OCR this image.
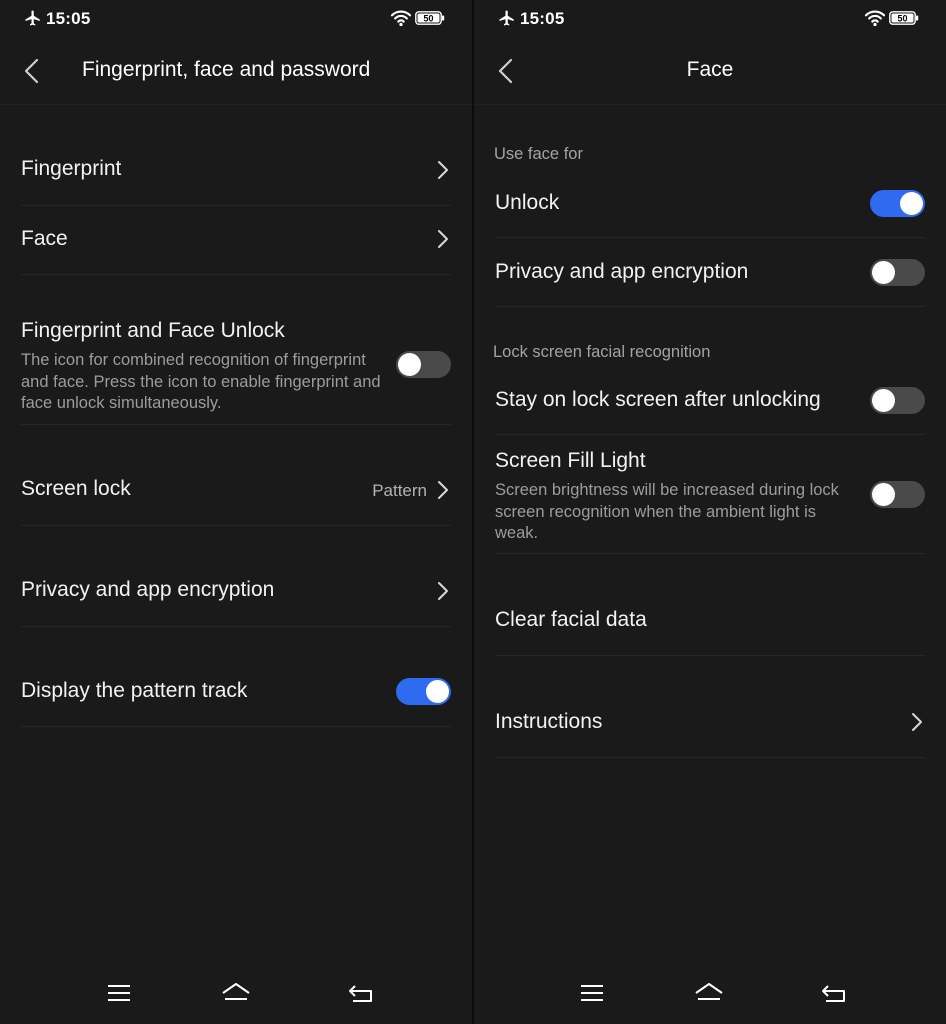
15:05	50
Fingerprint, face and password
Fingerprint
Face
Fingerprint and Face Unlock
The icon for combined recognition of fingerprint and face. Press the icon to enable fingerprint and face unlock simultaneously.
Screen lock	Pattern
Privacy and app encryption
Display the pattern track
15:05	50
Face
Use face for
Unlock
Privacy and app encryption
Lock screen facial recognition
Stay on lock screen after unlocking
Screen Fill Light
Screen brightness will be increased during lock screen recognition when the ambient light is weak.
Clear facial data
Instructions
